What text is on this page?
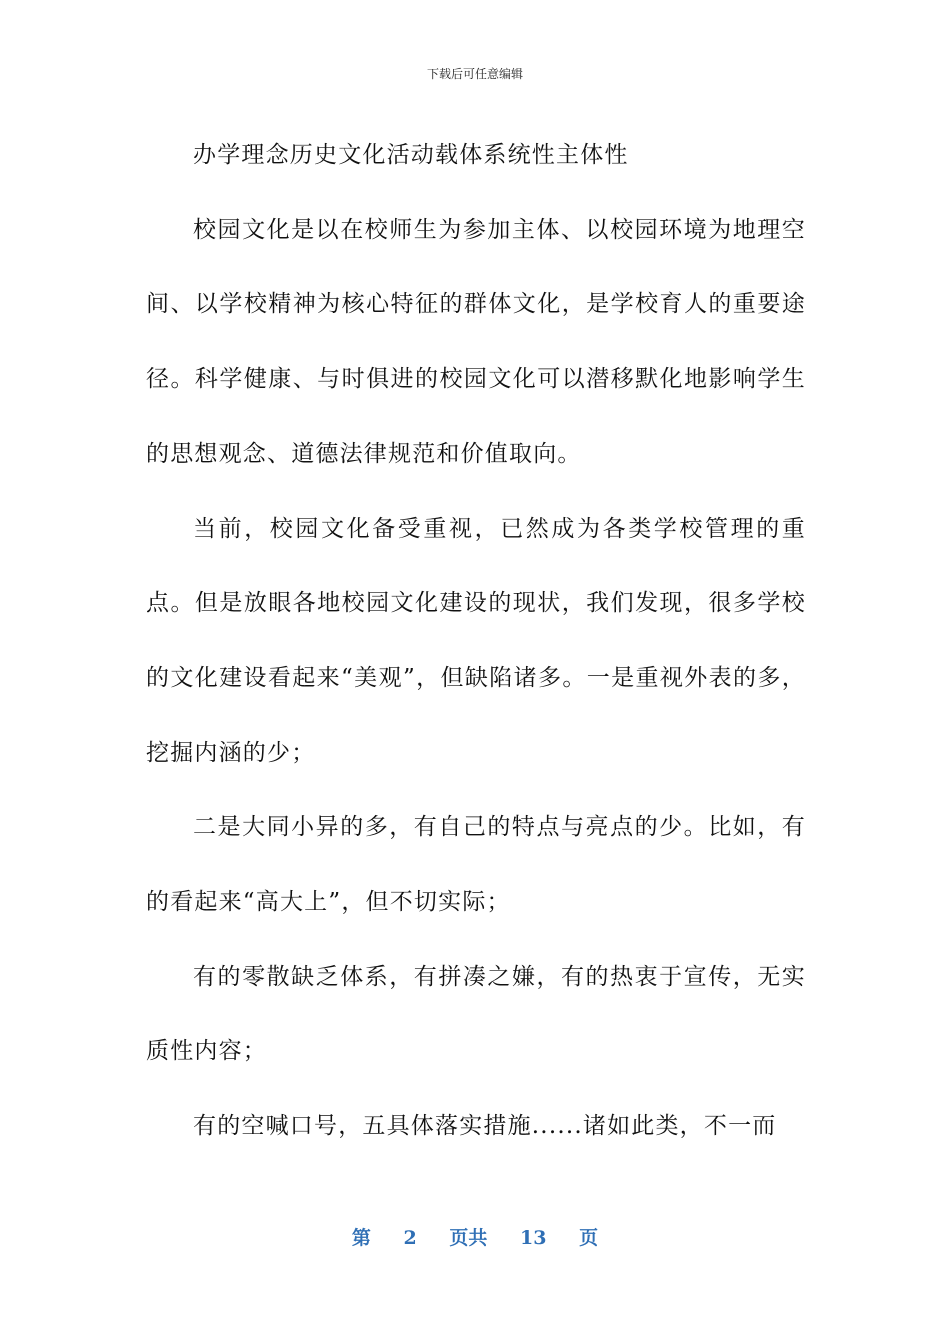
下载后可任意编辑

办学理念历史文化活动载体系统性主体性

校园文化是以在校师生为参加主体、以校园环境为地理空间、以学校精神为核心特征的群体文化，是学校育人的重要途径。科学健康、与时俱进的校园文化可以潜移默化地影响学生的思想观念、道德法律规范和价值取向。

当前，校园文化备受重视，已然成为各类学校管理的重点。但是放眼各地校园文化建设的现状，我们发现，很多学校的文化建设看起来“美观”，但缺陷诸多。一是重视外表的多，挖掘内涵的少；

二是大同小异的多，有自己的特点与亮点的少。比如，有的看起来“高大上”，但不切实际；

有的零散缺乏体系，有拼凑之嫌，有的热衷于宣传，无实质性内容；

有的空喊口号，五具体落实措施......诸如此类，不一而

第 2 页共 13 页
